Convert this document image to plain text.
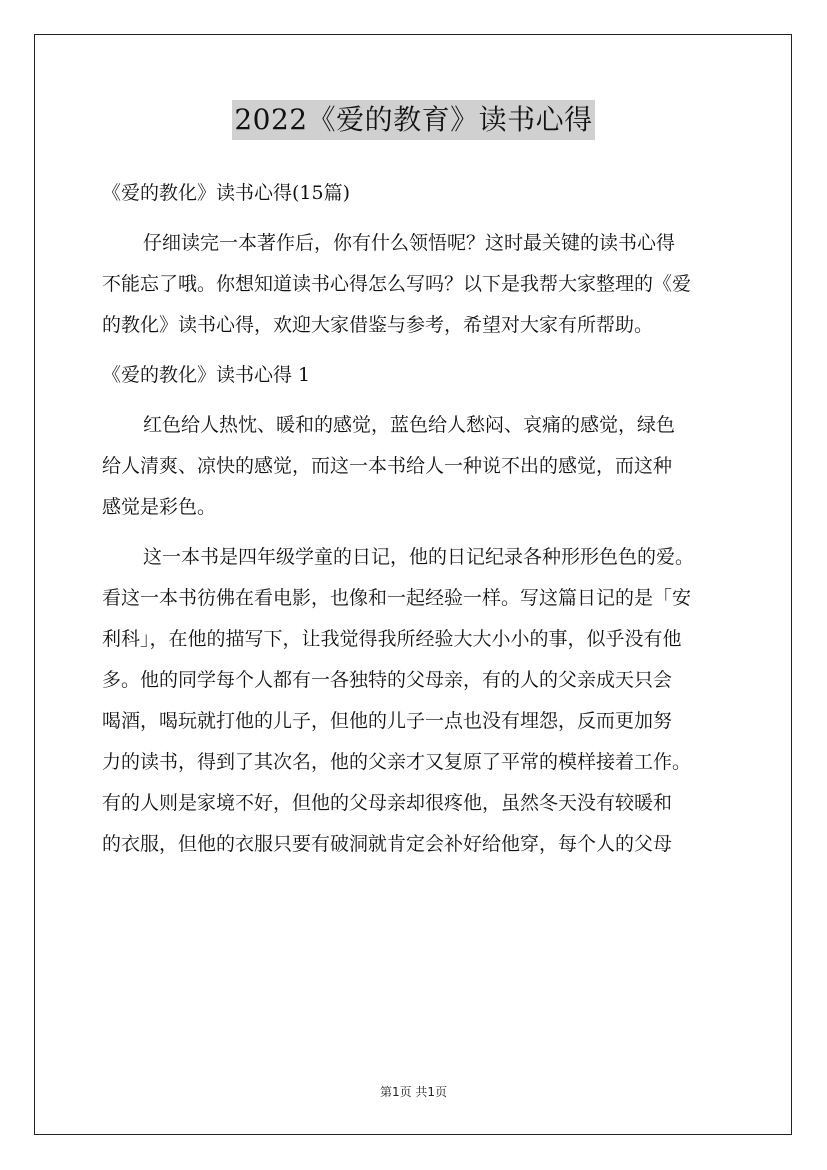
2022《爱的教育》读书心得
《爱的教化》读书心得(15篇)
仔细读完一本著作后，你有什么领悟呢？这时最关键的读书心得
不能忘了哦。你想知道读书心得怎么写吗？以下是我帮大家整理的《爱
的教化》读书心得，欢迎大家借鉴与参考，希望对大家有所帮助。
《爱的教化》读书心得 1
红色给人热忱、暖和的感觉，蓝色给人愁闷、哀痛的感觉，绿色
给人清爽、凉快的感觉，而这一本书给人一种说不出的感觉，而这种
感觉是彩色。
这一本书是四年级学童的日记，他的日记纪录各种形形色色的爱。
看这一本书彷佛在看电影，也像和一起经验一样。写这篇日记的是「安
利科」，在他的描写下，让我觉得我所经验大大小小的事，似乎没有他
多。他的同学每个人都有一各独特的父母亲，有的人的父亲成天只会
喝酒，喝玩就打他的儿子，但他的儿子一点也没有埋怨，反而更加努
力的读书，得到了其次名，他的父亲才又复原了平常的模样接着工作。
有的人则是家境不好，但他的父母亲却很疼他，虽然冬天没有较暖和
的衣服，但他的衣服只要有破洞就肯定会补好给他穿，每个人的父母
第1页 共1页
